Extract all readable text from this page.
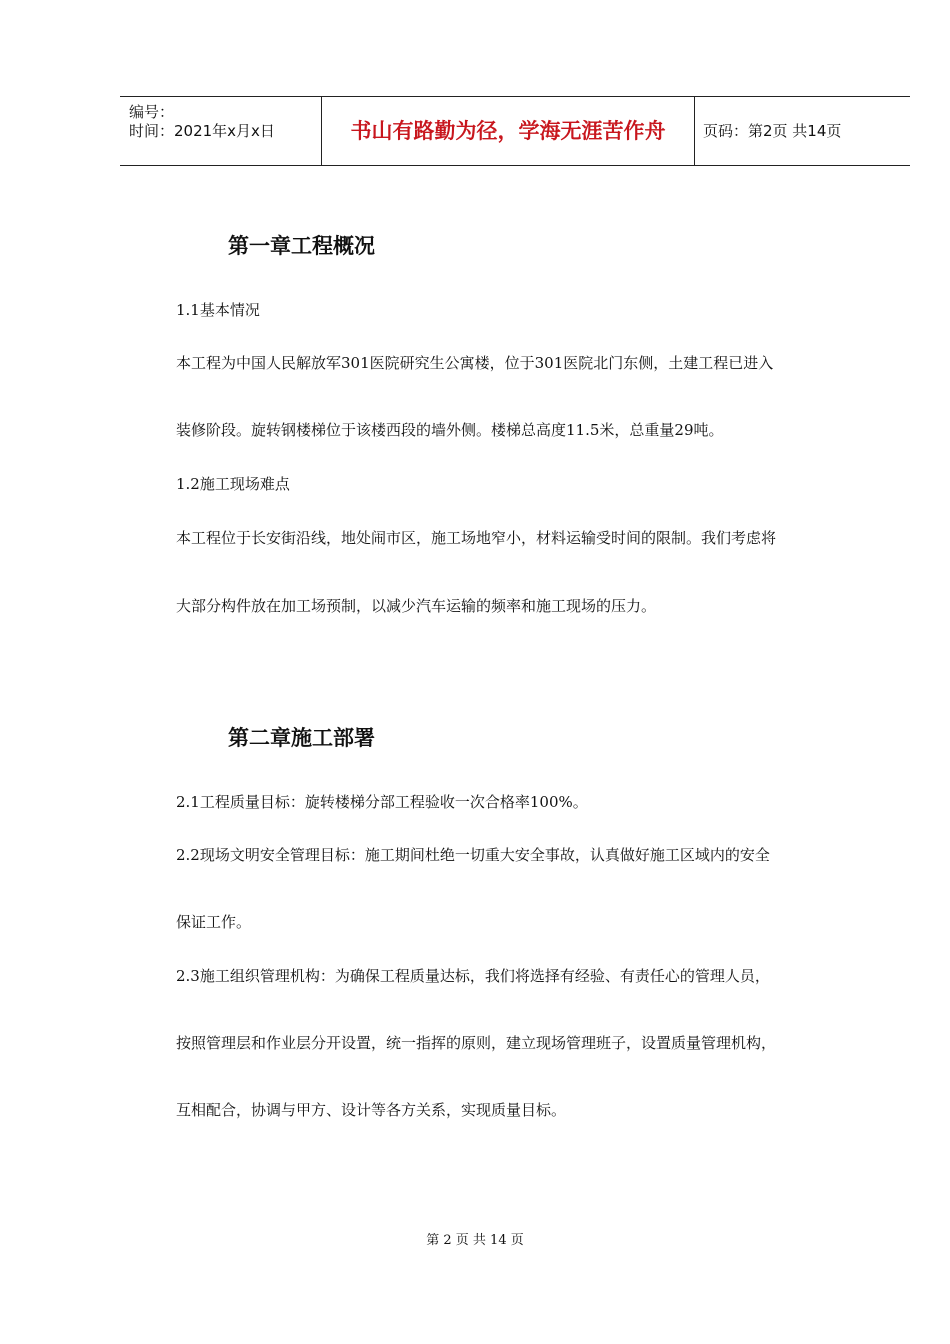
编号：
时间：2021年x月x日	书山有路勤为径，学海无涯苦作舟	页码：第2页 共14页
第一章工程概况
1.1基本情况
本工程为中国人民解放军301医院研究生公寓楼，位于301医院北门东侧，土建工程已进入
装修阶段。旋转钢楼梯位于该楼西段的墙外侧。楼梯总高度11.5米，总重量29吨。
1.2施工现场难点
本工程位于长安街沿线，地处闹市区，施工场地窄小，材料运输受时间的限制。我们考虑将
大部分构件放在加工场预制，以减少汽车运输的频率和施工现场的压力。
第二章施工部署
2.1工程质量目标：旋转楼梯分部工程验收一次合格率100%。
2.2现场文明安全管理目标：施工期间杜绝一切重大安全事故，认真做好施工区域内的安全
保证工作。
2.3施工组织管理机构：为确保工程质量达标，我们将选择有经验、有责任心的管理人员，
按照管理层和作业层分开设置，统一指挥的原则，建立现场管理班子，设置质量管理机构，
互相配合，协调与甲方、设计等各方关系，实现质量目标。
第 2 页 共 14 页
